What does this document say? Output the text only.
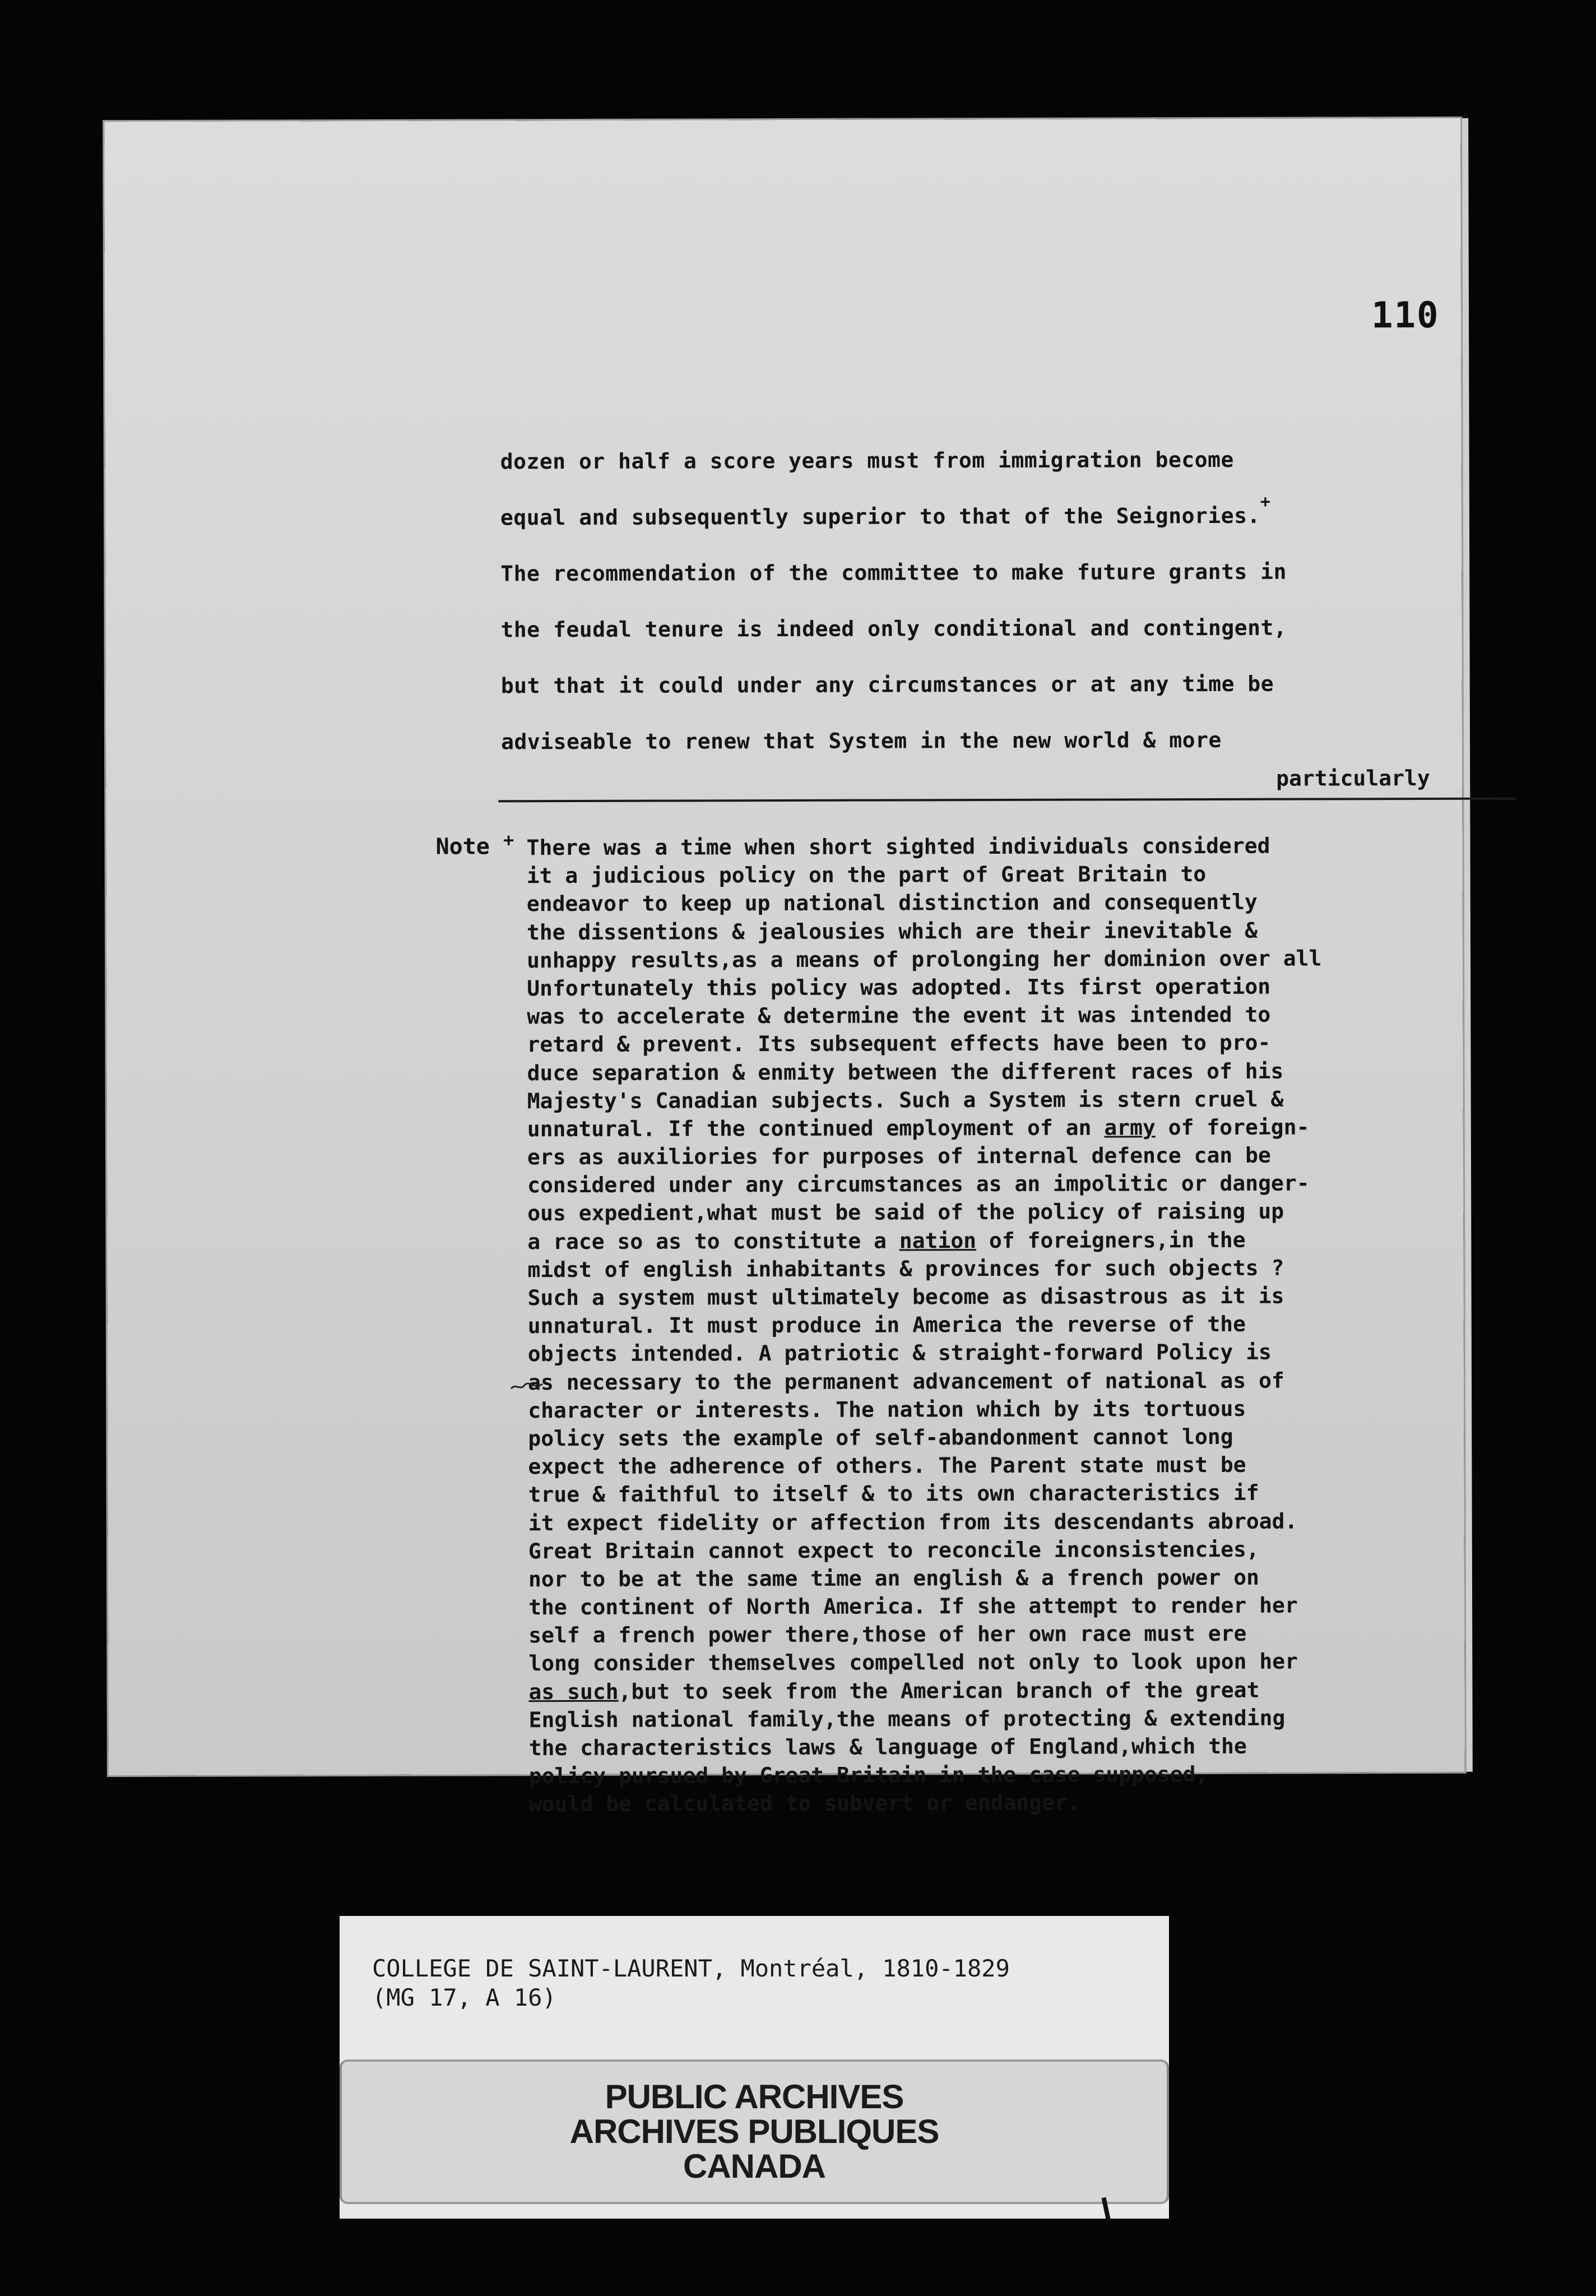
110
dozen or half a score years must from immigration become
equal and subsequently superior to that of the Seignories.+
The recommendation of the committee to make future grants in
the feudal tenure is indeed only conditional and contingent,
but that it could under any circumstances or at any time be
adviseable to renew that System in the new world & more
particularly
Note + There was a time when short sighted individuals considered
it a judicious policy on the part of Great Britain to
endeavor to keep up national distinction and consequently
the dissentions & jealousies which are their inevitable &
unhappy results,as a means of prolonging her dominion over all
Unfortunately this policy was adopted. Its first operation
was to accelerate & determine the event it was intended to
retard & prevent. Its subsequent effects have been to pro-
duce separation & enmity between the different races of his
Majesty's Canadian subjects. Such a System is stern cruel &
unnatural. If the continued employment of an army of foreign-
ers as auxiliories for purposes of internal defence can be
considered under any circumstances as an impolitic or danger-
ous expedient,what must be said of the policy of raising up
a race so as to constitute a nation of foreigners,in the
midst of english inhabitants & provinces for such objects ?
Such a system must ultimately become as disastrous as it is
unnatural. It must produce in America the reverse of the
objects intended. A patriotic & straight-forward Policy is
as necessary to the permanent advancement of national as of
character or interests. The nation which by its tortuous
policy sets the example of self-abandonment cannot long
expect the adherence of others. The Parent state must be
true & faithful to itself & to its own characteristics if
it expect fidelity or affection from its descendants abroad.
Great Britain cannot expect to reconcile inconsistencies,
nor to be at the same time an english & a french power on
the continent of North America. If she attempt to render her
self a french power there,those of her own race must ere
long consider themselves compelled not only to look upon her
as such,but to seek from the American branch of the great
English national family,the means of protecting & extending
the characteristics laws & language of England,which the
policy pursued by Great Britain in the case supposed,
would be calculated to subvert or endanger.
COLLEGE DE SAINT-LAURENT, Montréal, 1810-1829
(MG 17, A 16)
PUBLIC ARCHIVES
ARCHIVES PUBLIQUES
CANADA
